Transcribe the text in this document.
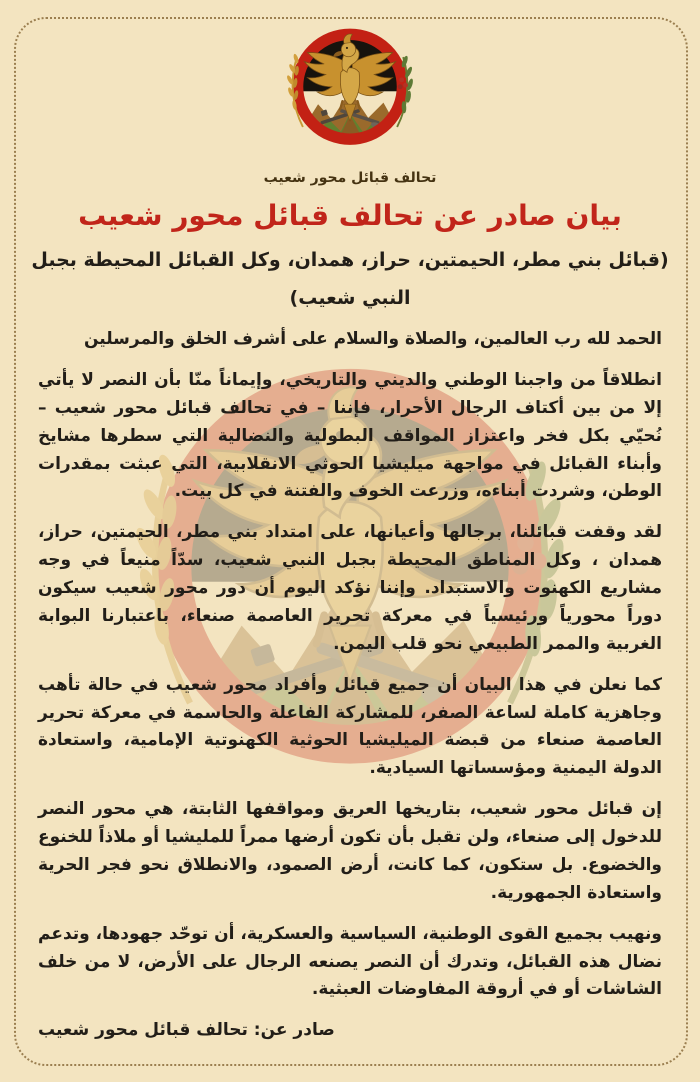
تحالف قبائل محور شعيب
بيان صادر عن تحالف قبائل محور شعيب
(قبائل بني مطر، الحيمتين، حراز، همدان، وكل القبائل المحيطة بجبل
النبي شعيب)

الحمد لله رب العالمين، والصلاة والسلام على أشرف الخلق والمرسلين

انطلاقاً من واجبنا الوطني والديني والتاريخي، وإيماناً منّا بأن النصر لا يأتي إلا من بين أكتاف الرجال الأحرار، فإننا – في تحالف قبائل محور شعيب – نُحيّي بكل فخر واعتزاز المواقف البطولية والنضالية التي سطرها مشايخ وأبناء القبائل في مواجهة ميليشيا الحوثي الانقلابية، التي عبثت بمقدرات الوطن، وشردت أبناءه، وزرعت الخوف والفتنة في كل بيت.

لقد وقفت قبائلنا، برجالها وأعيانها، على امتداد بني مطر، الحيمتين، حراز، همدان ، وكل المناطق المحيطة بجبل النبي شعيب، سدّاً منيعاً في وجه مشاريع الكهنوت والاستبداد. وإننا نؤكد اليوم أن دور محور شعيب سيكون دوراً محورياً ورئيسياً في معركة تحرير العاصمة صنعاء، باعتبارنا البوابة الغربية والممر الطبيعي نحو قلب اليمن.

كما نعلن في هذا البيان أن جميع قبائل وأفراد محور شعيب في حالة تأهب وجاهزية كاملة لساعة الصفر، للمشاركة الفاعلة والحاسمة في معركة تحرير العاصمة صنعاء من قبضة الميليشيا الحوثية الكهنوتية الإمامية، واستعادة الدولة اليمنية ومؤسساتها السيادية.

إن قبائل محور شعيب، بتاريخها العريق ومواقفها الثابتة، هي محور النصر للدخول إلى صنعاء، ولن تقبل بأن تكون أرضها ممراً للمليشيا أو ملاذاً للخنوع والخضوع. بل ستكون، كما كانت، أرض الصمود، والانطلاق نحو فجر الحرية واستعادة الجمهورية.

ونهيب بجميع القوى الوطنية، السياسية والعسكرية، أن توحّد جهودها، وتدعم نضال هذه القبائل، وتدرك أن النصر يصنعه الرجال على الأرض، لا من خلف الشاشات أو في أروقة المفاوضات العبثية.

صادر عن: تحالف قبائل محور شعيب
